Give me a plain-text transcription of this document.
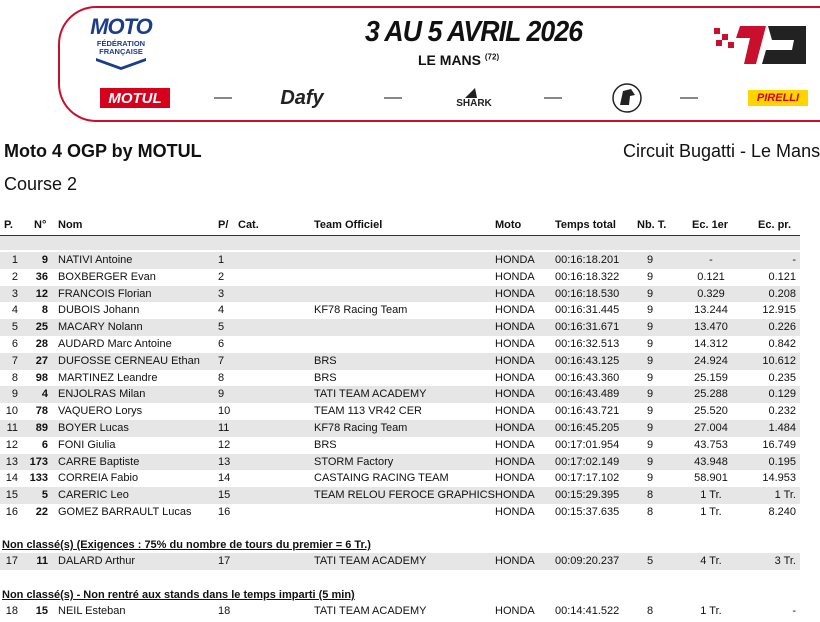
MOTO
FÉDÉRATION
FRANÇAISE
3 AU 5 AVRIL 2026
LE MANS $^{(72)}$
MOTUL	Dafy	SHARK	PIRELLI
Moto 4 OGP by MOTUL	Circuit Bugatti - Le Mans
Course 2
P. N° Nom	P/ Cat.	Team Officiel	Moto	Temps total Nb. T. Ec. 1er	Ec. pr.
1	9 NATIVI Antoine	1	HONDA 00:16:18.201	9	-	-
2	36 BOXBERGER Evan	2	HONDA 00:16:18.322	9	0.121	0.121
3	12 FRANCOIS Florian	3	HONDA 00:16:18.530	9	0.329	0.208
4	8 DUBOIS Johann	4	KF78 Racing Team	HONDA 00:16:31.445	9	13.244	12.915
5	25 MACARY Nolann	5	HONDA 00:16:31.671	9	13.470	0.226
6	28 AUDARD Marc Antoine	6	HONDA 00:16:32.513	9	14.312	0.842
7	27 DUFOSSE CERNEAU Ethan 7	BRS	HONDA 00:16:43.125	9	24.924	10.612
8	98 MARTINEZ Leandre	8	BRS	HONDA 00:16:43.360	9	25.159	0.235
9	4 ENJOLRAS Milan	9	TATI TEAM ACADEMY	HONDA 00:16:43.489	9	25.288	0.129
10	78 VAQUERO Lorys	10	TEAM 113 VR42 CER	HONDA 00:16:43.721	9	25.520	0.232
11	89 BOYER Lucas	11	KF78 Racing Team	HONDA 00:16:45.205	9	27.004	1.484
12	6 FONI Giulia	12	BRS	HONDA 00:17:01.954	9	43.753	16.749
13	173 CARRE Baptiste	13	STORM Factory	HONDA 00:17:02.149	9	43.948	0.195
14	133 CORREIA Fabio	14	CASTAING RACING TEAM	HONDA 00:17:17.102	9	58.901	14.953
15	5 CARERIC Leo	15	TEAM RELOU FEROCE GRAPHICS HONDA 00:15:29.395	8	1 Tr.	1 Tr.
16	22 GOMEZ BARRAULT Lucas 16	HONDA 00:15:37.635	8	1 Tr.	8.240
Non classé(s) (Exigences : 75% du nombre de tours du premier = 6 Tr.)
17	11 DALARD Arthur	17	TATI TEAM ACADEMY	HONDA 00:09:20.237	5	4 Tr.	3 Tr.
Non classé(s) - Non rentré aux stands dans le temps imparti (5 min)
18	15 NEIL Esteban	18	TATI TEAM ACADEMY	HONDA 00:14:41.522	8	1 Tr.	-
